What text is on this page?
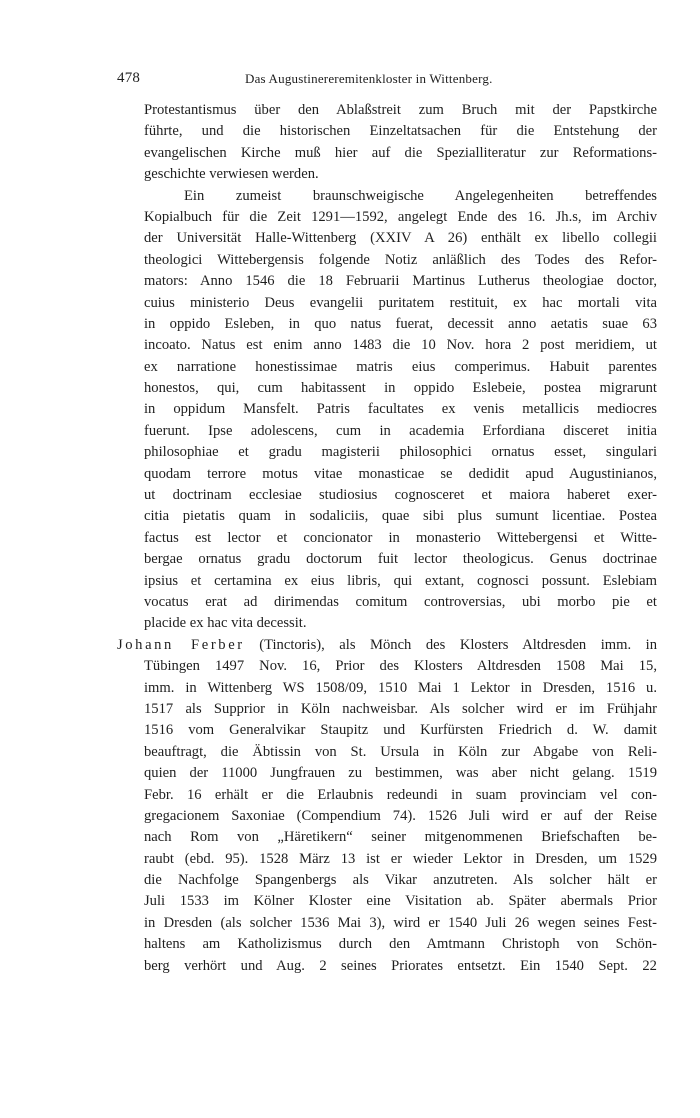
478	Das Augustinereremitenkloster in Wittenberg.
Protestantismus über den Ablaßstreit zum Bruch mit der Papstkirche
führte, und die historischen Einzeltatsachen für die Entstehung der
evangelischen Kirche muß hier auf die Spezialliteratur zur Reformations-
geschichte verwiesen werden.
Ein zumeist braunschweigische Angelegenheiten betreffendes
Kopialbuch für die Zeit 1291—1592, angelegt Ende des 16. Jh.s, im Archiv
der Universität Halle-Wittenberg (XXIV A 26) enthält ex libello collegii
theologici Wittebergensis folgende Notiz anläßlich des Todes des Refor-
mators: Anno 1546 die 18 Februarii Martinus Lutherus theologiae doctor,
cuius ministerio Deus evangelii puritatem restituit, ex hac mortali vita
in oppido Esleben, in quo natus fuerat, decessit anno aetatis suae 63
incoato. Natus est enim anno 1483 die 10 Nov. hora 2 post meridiem, ut
ex narratione honestissimae matris eius comperimus. Habuit parentes
honestos, qui, cum habitassent in oppido Eslebeie, postea migrarunt
in oppidum Mansfelt. Patris facultates ex venis metallicis mediocres
fuerunt. Ipse adolescens, cum in academia Erfordiana disceret initia
philosophiae et gradu magisterii philosophici ornatus esset, singulari
quodam terrore motus vitae monasticae se dedidit apud Augustinianos,
ut doctrinam ecclesiae studiosius cognosceret et maiora haberet exer-
citia pietatis quam in sodaliciis, quae sibi plus sumunt licentiae. Postea
factus est lector et concionator in monasterio Wittebergensi et Witte-
bergae ornatus gradu doctorum fuit lector theologicus. Genus doctrinae
ipsius et certamina ex eius libris, qui extant, cognosci possunt. Eslebiam
vocatus erat ad dirimendas comitum controversias, ubi morbo pie et
placide ex hac vita decessit.
Johann Ferber (Tinctoris), als Mönch des Klosters Altdresden imm. in
Tübingen 1497 Nov. 16, Prior des Klosters Altdresden 1508 Mai 15,
imm. in Wittenberg WS 1508/09, 1510 Mai 1 Lektor in Dresden, 1516 u.
1517 als Supprior in Köln nachweisbar. Als solcher wird er im Frühjahr
1516 vom Generalvikar Staupitz und Kurfürsten Friedrich d. W. damit
beauftragt, die Äbtissin von St. Ursula in Köln zur Abgabe von Reli-
quien der 11000 Jungfrauen zu bestimmen, was aber nicht gelang. 1519
Febr. 16 erhält er die Erlaubnis redeundi in suam provinciam vel con-
gregacionem Saxoniae (Compendium 74). 1526 Juli wird er auf der Reise
nach Rom von „Häretikern“ seiner mitgenommenen Briefschaften be-
raubt (ebd. 95). 1528 März 13 ist er wieder Lektor in Dresden, um 1529
die Nachfolge Spangenbergs als Vikar anzutreten. Als solcher hält er
Juli 1533 im Kölner Kloster eine Visitation ab. Später abermals Prior
in Dresden (als solcher 1536 Mai 3), wird er 1540 Juli 26 wegen seines Fest-
haltens am Katholizismus durch den Amtmann Christoph von Schön-
berg verhört und Aug. 2 seines Priorates entsetzt. Ein 1540 Sept. 22
